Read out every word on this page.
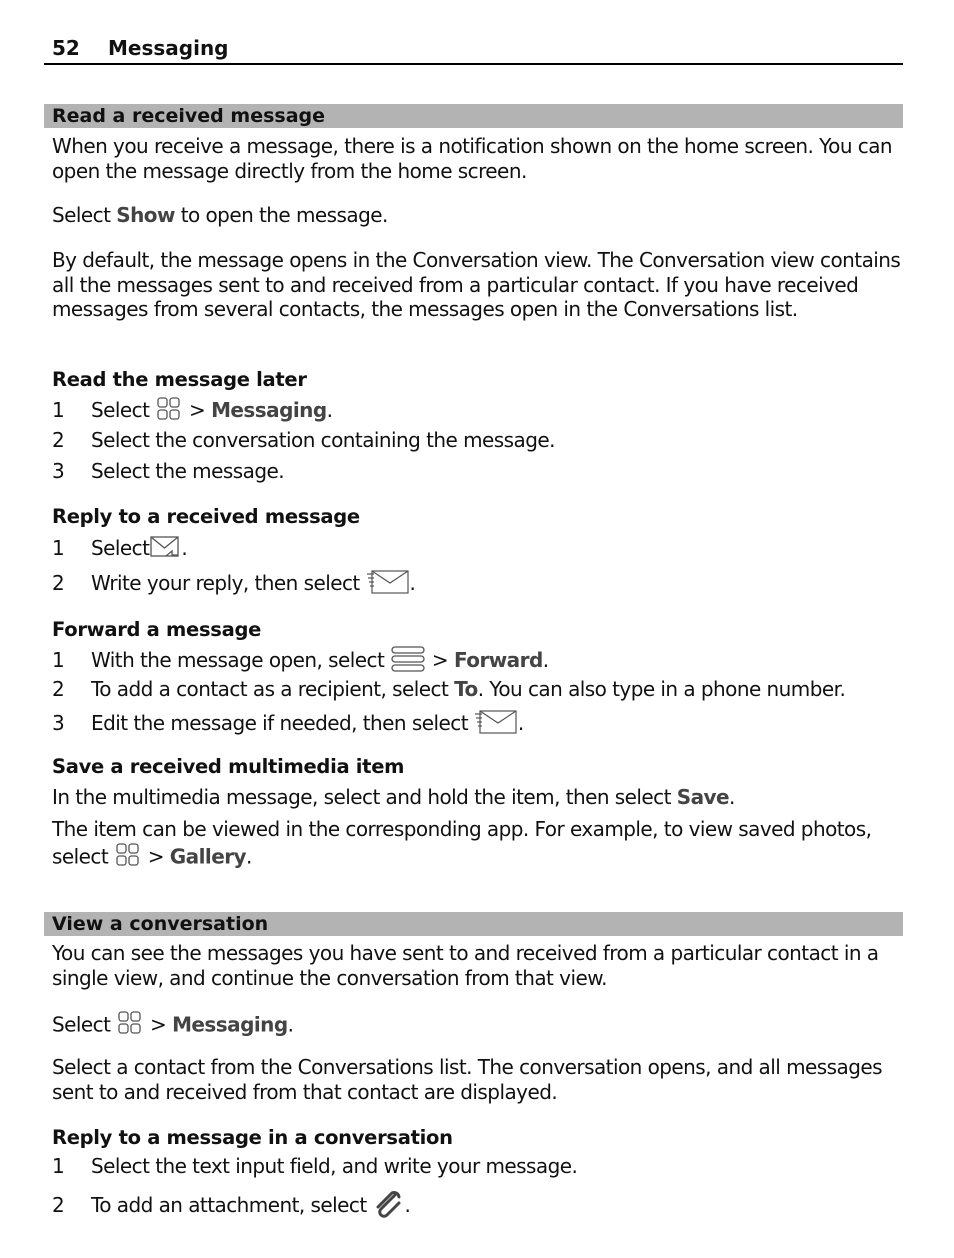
52 Messaging
Read a received message
When you receive a message, there is a notification shown on the home screen. You can open the message directly from the home screen.
Select Show to open the message.
By default, the message opens in the Conversation view. The Conversation view contains all the messages sent to and received from a particular contact. If you have received messages from several contacts, the messages open in the Conversations list.
Read the message later
1 Select > Messaging.
2 Select the conversation containing the message.
3 Select the message.
Reply to a received message
1 Select .
2 Write your reply, then select .
Forward a message
1 With the message open, select > Forward.
2 To add a contact as a recipient, select To. You can also type in a phone number.
3 Edit the message if needed, then select .
Save a received multimedia item
In the multimedia message, select and hold the item, then select Save.
The item can be viewed in the corresponding app. For example, to view saved photos, select > Gallery.
View a conversation
You can see the messages you have sent to and received from a particular contact in a single view, and continue the conversation from that view.
Select > Messaging.
Select a contact from the Conversations list. The conversation opens, and all messages sent to and received from that contact are displayed.
Reply to a message in a conversation
1 Select the text input field, and write your message.
2 To add an attachment, select .
